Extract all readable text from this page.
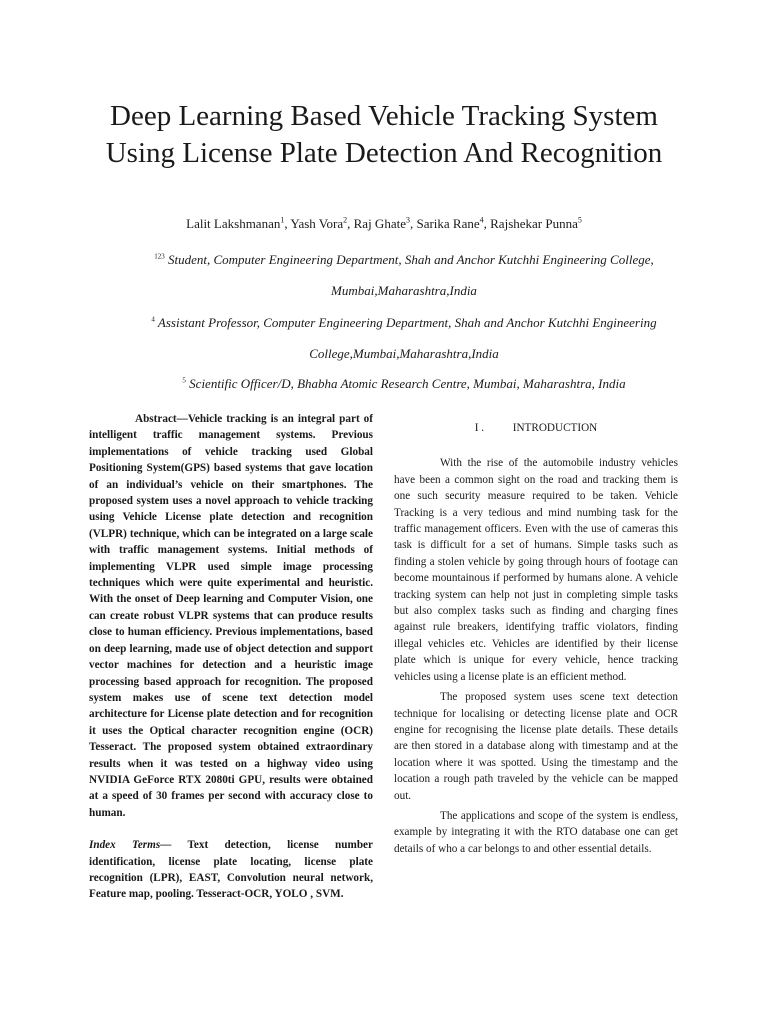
Deep Learning Based Vehicle Tracking System Using License Plate Detection And Recognition
Lalit Lakshmanan$^1$, Yash Vora$^2$, Raj Ghate$^3$, Sarika Rane$^4$, Rajshekar Punna$^5$

$^{123}$ Student, Computer Engineering Department, Shah and Anchor Kutchhi Engineering College, Mumbai,Maharashtra,India

$^4$ Assistant Professor, Computer Engineering Department, Shah and Anchor Kutchhi Engineering College,Mumbai,Maharashtra,India

$^5$ Scientific Officer/D, Bhabha Atomic Research Centre, Mumbai, Maharashtra, India

Abstract—Vehicle tracking is an integral part of intelligent traffic management systems. Previous implementations of vehicle tracking used Global Positioning System(GPS) based systems that gave location of an individual’s vehicle on their smartphones. The proposed system uses a novel approach to vehicle tracking using Vehicle License plate detection and recognition (VLPR) technique, which can be integrated on a large scale with traffic management systems. Initial methods of implementing VLPR used simple image processing techniques which were quite experimental and heuristic. With the onset of Deep learning and Computer Vision, one can create robust VLPR systems that can produce results close to human efficiency. Previous implementations, based on deep learning, made use of object detection and support vector machines for detection and a heuristic image processing based approach for recognition. The proposed system makes use of scene text detection model architecture for License plate detection and for recognition it uses the Optical character recognition engine (OCR) Tesseract. The proposed system obtained extraordinary results when it was tested on a highway video using NVIDIA GeForce RTX 2080ti GPU, results were obtained at a speed of 30 frames per second with accuracy close to human.

Index Terms— Text detection, license number identification, license plate locating, license plate recognition (LPR), EAST, Convolution neural network, Feature map, pooling. Tesseract-OCR, YOLO , SVM.

I .	INTRODUCTION

With the rise of the automobile industry vehicles have been a common sight on the road and tracking them is one such security measure required to be taken. Vehicle Tracking is a very tedious and mind numbing task for the traffic management officers. Even with the use of cameras this task is difficult for a set of humans. Simple tasks such as finding a stolen vehicle by going through hours of footage can become mountainous if performed by humans alone. A vehicle tracking system can help not just in completing simple tasks but also complex tasks such as finding and charging fines against rule breakers, identifying traffic violators, finding illegal vehicles etc. Vehicles are identified by their license plate which is unique for every vehicle, hence tracking vehicles using a license plate is an efficient method.

The proposed system uses scene text detection technique for localising or detecting license plate and OCR engine for recognising the license plate details. These details are then stored in a database along with timestamp and at the location where it was spotted. Using the timestamp and the location a rough path traveled by the vehicle can be mapped out.

The applications and scope of the system is endless, example by integrating it with the RTO database one can get details of who a car belongs to and other essential details.
